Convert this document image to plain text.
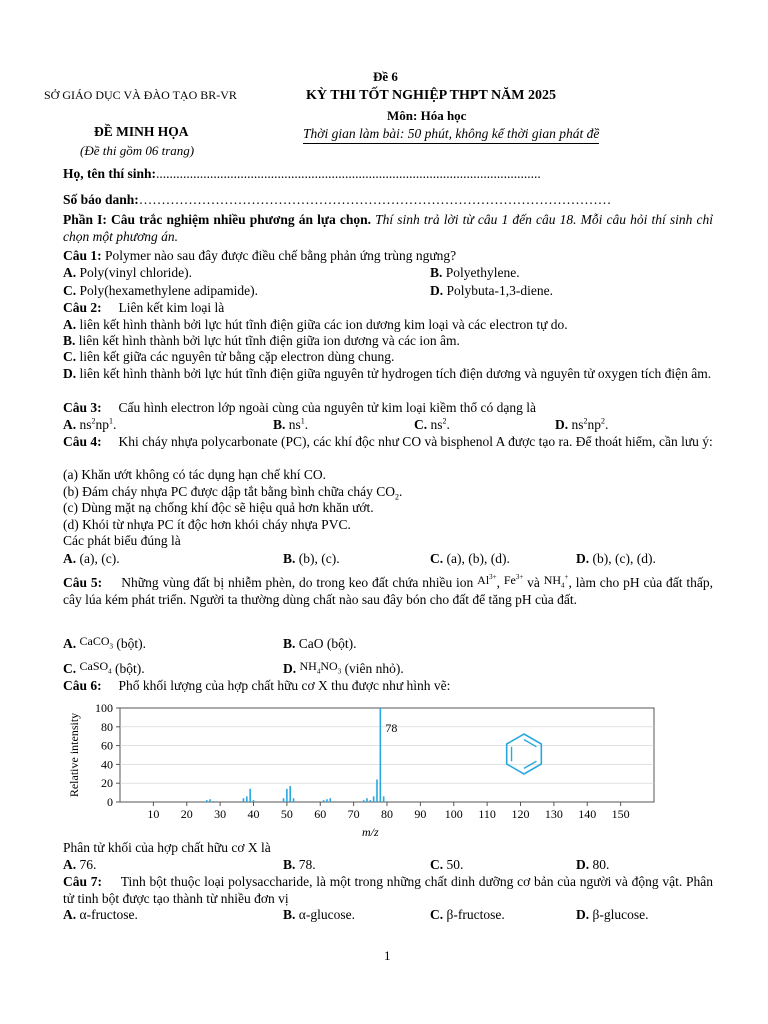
SỞ GIÁO DỤC VÀ ĐÀO TẠO BR-VR
Đề 6
KỲ THI TỐT NGHIỆP THPT NĂM 2025
Môn: Hóa học
Thời gian làm bài: 50 phút, không kể thời gian phát đề
ĐỀ MINH HỌA
(Đề thi gồm 06 trang)
Họ, tên thí sinh:..................................................................................................................
Số báo danh:……………………………………………………………………………………………
Phần I: Câu trắc nghiệm nhiều phương án lựa chọn. Thí sinh trả lời từ câu 1 đến câu 18. Mỗi câu hỏi thí sinh chỉ chọn một phương án.
Câu 1: Polymer nào sau đây được điều chế bằng phản ứng trùng ngưng?
A. Poly(vinyl chloride).	B. Polyethylene.
C. Poly(hexamethylene adipamide).	D. Polybuta-1,3-diene.
Câu 2: Liên kết kim loại là
A. liên kết hình thành bởi lực hút tĩnh điện giữa các ion dương kim loại và các electron tự do.
B. liên kết hình thành bởi lực hút tĩnh điện giữa ion dương và các ion âm.
C. liên kết giữa các nguyên tử bằng cặp electron dùng chung.
D. liên kết hình thành bởi lực hút tĩnh điện giữa nguyên tử hydrogen tích điện dương và nguyên tử oxygen tích điện âm.
Câu 3: Cấu hình electron lớp ngoài cùng của nguyên tử kim loại kiềm thổ có dạng là
A. $ns^2np^1$.	B. $ns^1$.	C. $ns^2$.	D. $ns^2np^2$.
Câu 4: Khi cháy nhựa polycarbonate (PC), các khí độc như CO và bisphenol A được tạo ra. Để thoát hiểm, cần lưu ý:
(a) Khăn ướt không có tác dụng hạn chế khí CO.
(b) Đám cháy nhựa PC được dập tắt bằng bình chữa cháy $CO_2$.
(c) Dùng mặt nạ chống khí độc sẽ hiệu quả hơn khăn ướt.
(d) Khói từ nhựa PC ít độc hơn khói cháy nhựa PVC.
Các phát biểu đúng là
A. (a), (c).	B. (b), (c).	C. (a), (b), (d).	D. (b), (c), (d).
Câu 5: Những vùng đất bị nhiễm phèn, do trong keo đất chứa nhiều ion $Al^{3+}$, $Fe^{3+}$ và $NH_4^+$, làm cho pH của đất thấp, cây lúa kém phát triển. Người ta thường dùng chất nào sau đây bón cho đất để tăng pH của đất.
A. CaCO$_3$ (bột).	B. CaO (bột).
C. CaSO$_4$ (bột).	D. $NH_4NO_3$ (viên nhỏ).
Câu 6: Phổ khối lượng của hợp chất hữu cơ X thu được như hình vẽ:
0
20
40
60
80
100
10 20 30 40 50 60 70 80 90 100 110 120 130 140 150
78
Relative intensity
m/z
Phân tử khối của hợp chất hữu cơ X là
A. 76.	B. 78.	C. 50.	D. 80.
Câu 7: Tinh bột thuộc loại polysaccharide, là một trong những chất dinh dưỡng cơ bản của người và động vật. Phân tử tinh bột được tạo thành từ nhiều đơn vị
A. α-fructose.	B. α-glucose.	C. β-fructose.	D. β-glucose.
1
